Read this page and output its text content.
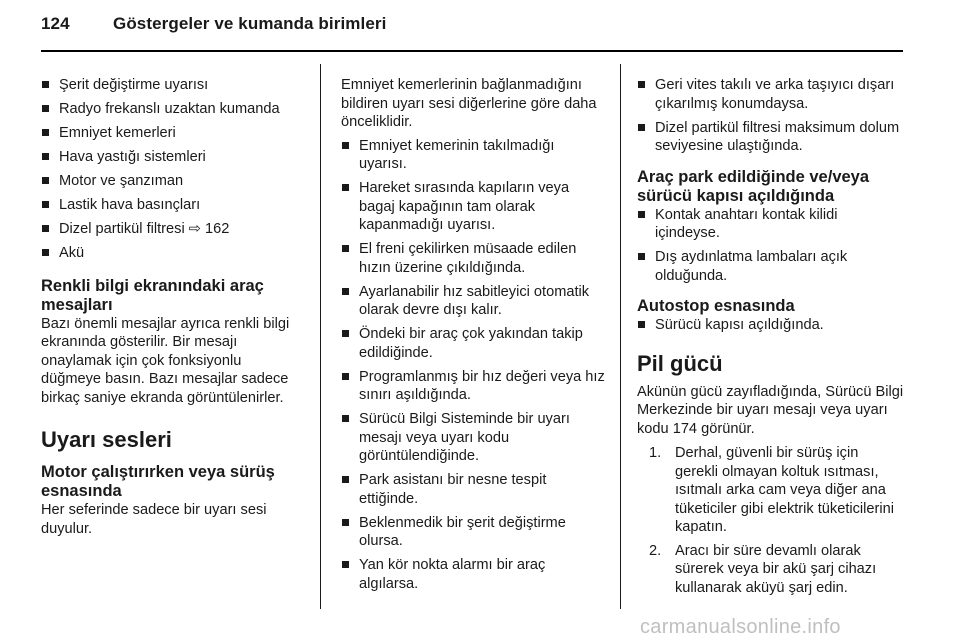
124	Göstergeler ve kumanda birimleri
Şerit değiştirme uyarısı
Radyo frekanslı uzaktan kumanda
Emniyet kemerleri
Hava yastığı sistemleri
Motor ve şanzıman
Lastik hava basınçları
Dizel partikül filtresi ⇨ 162
Akü
Renkli bilgi ekranındaki araç mesajları

Bazı önemli mesajlar ayrıca renkli bilgi ekranında gösterilir. Bir mesajı onaylamak için çok fonksiyonlu düğmeye basın. Bazı mesajlar sadece birkaç saniye ekranda görüntülenirler.

Uyarı sesleri
Motor çalıştırırken veya sürüş esnasında

Her seferinde sadece bir uyarı sesi duyulur.

Emniyet kemerlerinin bağlanmadığını bildiren uyarı sesi diğerlerine göre daha önceliklidir.

Emniyet kemerinin takılmadığı uyarısı.
Hareket sırasında kapıların veya bagaj kapağının tam olarak kapanmadığı uyarısı.
El freni çekilirken müsaade edilen hızın üzerine çıkıldığında.
Ayarlanabilir hız sabitleyici otomatik olarak devre dışı kalır.
Öndeki bir araç çok yakından takip edildiğinde.
Programlanmış bir hız değeri veya hız sınırı aşıldığında.
Sürücü Bilgi Sisteminde bir uyarı mesajı veya uyarı kodu görüntülendiğinde.
Park asistanı bir nesne tespit ettiğinde.
Beklenmedik bir şerit değiştirme olursa.
Yan kör nokta alarmı bir araç algılarsa.
Geri vites takılı ve arka taşıyıcı dışarı çıkarılmış konumdaysa.
Dizel partikül filtresi maksimum dolum seviyesine ulaştığında.
Araç park edildiğinde ve/veya sürücü kapısı açıldığında
Kontak anahtarı kontak kilidi içindeyse.
Dış aydınlatma lambaları açık olduğunda.
Autostop esnasında
Sürücü kapısı açıldığında.
Pil gücü

Akünün gücü zayıfladığında, Sürücü Bilgi Merkezinde bir uyarı mesajı veya uyarı kodu 174 görünür.

1. Derhal, güvenli bir sürüş için gerekli olmayan koltuk ısıtması, ısıtmalı arka cam veya diğer ana tüketiciler gibi elektrik tüketicilerini kapatın.
2. Aracı bir süre devamlı olarak sürerek veya bir akü şarj cihazı kullanarak aküyü şarj edin.
carmanualsonline.info
